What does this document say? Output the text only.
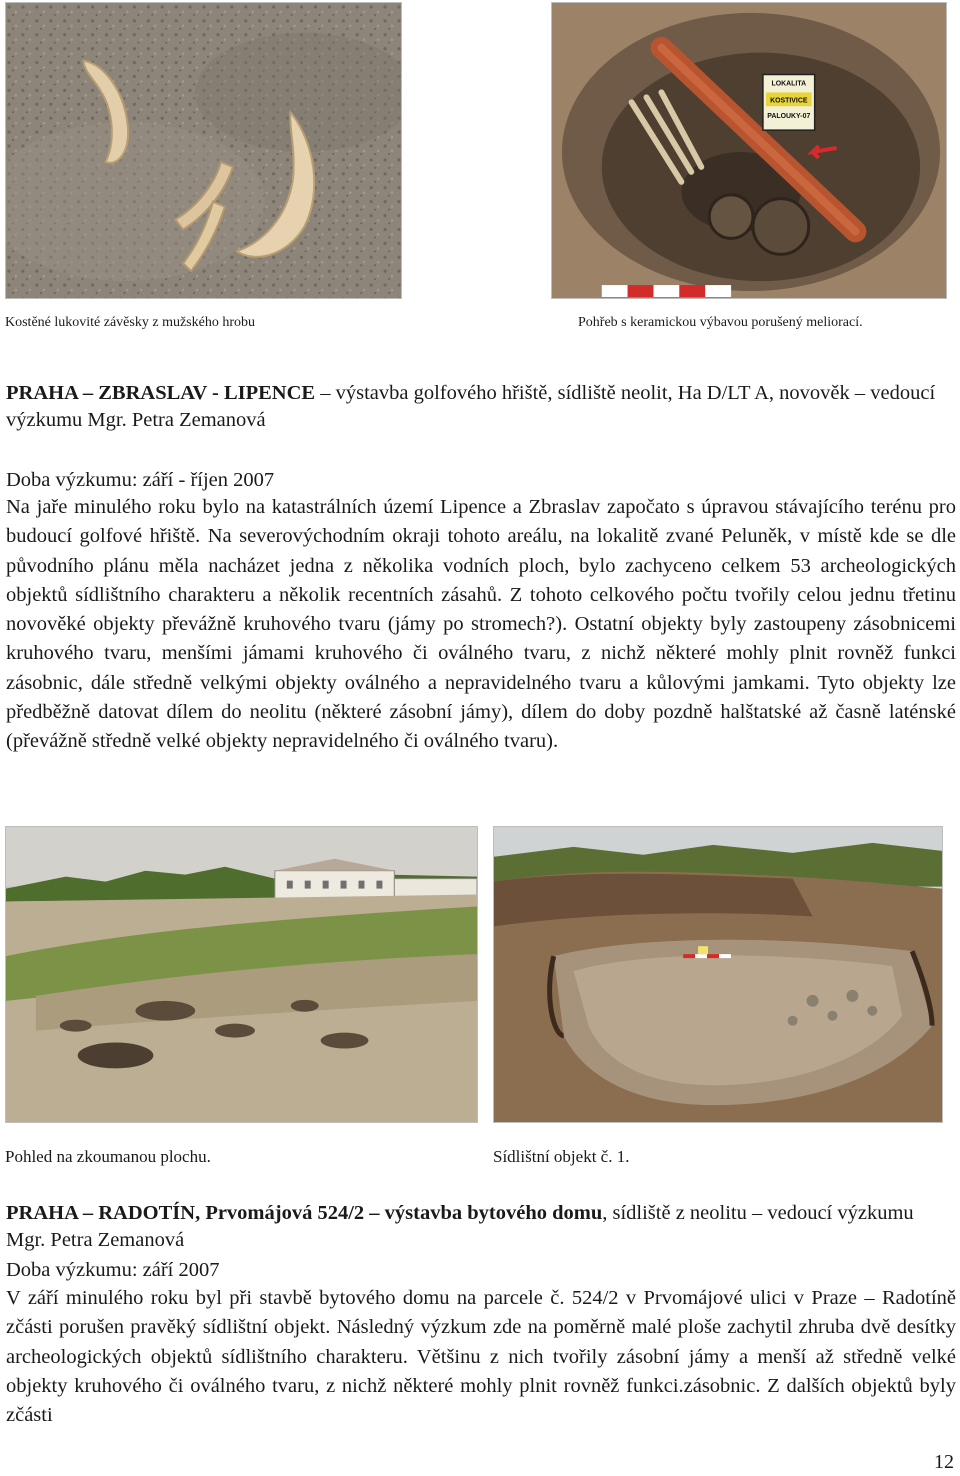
LOKALITA
KOSTIVICE
PALOUKY-07
Kostěné lukovité závěsky z mužského hrobu	Pohřeb s keramickou výbavou porušený meliorací.
PRAHA – ZBRASLAV - LIPENCE – výstavba golfového hřiště, sídliště neolit, Ha D/LT A, novověk – vedoucí výzkumu Mgr. Petra Zemanová
Doba výzkumu: září - říjen 2007
Na jaře minulého roku bylo na katastrálních území Lipence a Zbraslav započato s úpravou stávajícího terénu pro budoucí golfové hřiště. Na severovýchodním okraji tohoto areálu, na lokalitě zvané Peluněk, v místě kde se dle původního plánu měla nacházet jedna z několika vodních ploch, bylo zachyceno celkem 53 archeologických objektů sídlištního charakteru a několik recentních zásahů. Z tohoto celkového počtu tvořily celou jednu třetinu novověké objekty převážně kruhového tvaru (jámy po stromech?). Ostatní objekty byly zastoupeny zásobnicemi kruhového tvaru, menšími jámami kruhového či oválného tvaru, z nichž některé mohly plnit rovněž funkci zásobnic, dále středně velkými objekty oválného a nepravidelného tvaru a kůlovými jamkami. Tyto objekty lze předběžně datovat dílem do neolitu (některé zásobní jámy), dílem do doby pozdně halštatské až časně laténské (převážně středně velké objekty nepravidelného či oválného tvaru).
Pohled na zkoumanou plochu.	Sídlištní objekt č. 1.
PRAHA – RADOTÍN, Prvomájová 524/2 – výstavba bytového domu, sídliště z neolitu – vedoucí výzkumu Mgr. Petra Zemanová
Doba výzkumu: září 2007
V září minulého roku byl při stavbě bytového domu na parcele č. 524/2 v Prvomájové ulici v Praze – Radotíně zčásti porušen pravěký sídlištní objekt. Následný výzkum zde na poměrně malé ploše zachytil zhruba dvě desítky archeologických objektů sídlištního charakteru. Většinu z nich tvořily zásobní jámy a menší až středně velké objekty kruhového či oválného tvaru, z nichž některé mohly plnit rovněž funkci.zásobnic. Z dalších objektů byly zčásti
12
